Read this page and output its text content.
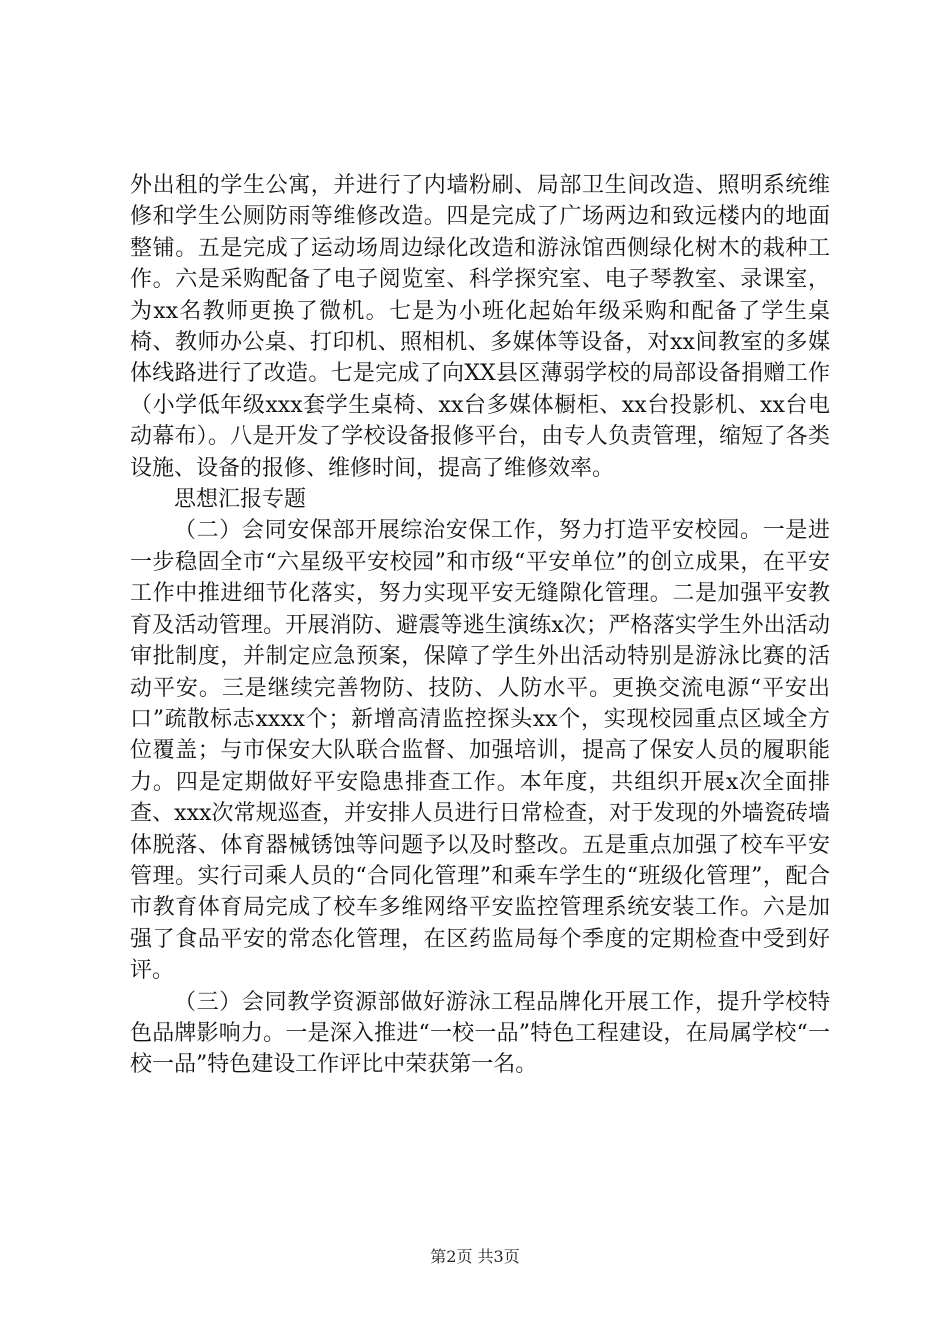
外出租的学生公寓，并进行了内墙粉刷、局部卫生间改造、照明系统维修和学生公厕防雨等维修改造。四是完成了广场两边和致远楼内的地面整铺。五是完成了运动场周边绿化改造和游泳馆西侧绿化树木的栽种工作。六是采购配备了电子阅览室、科学探究室、电子琴教室、录课室，为xx名教师更换了微机。七是为小班化起始年级采购和配备了学生桌椅、教师办公桌、打印机、照相机、多媒体等设备，对xx间教室的多媒体线路进行了改造。七是完成了向XX县区薄弱学校的局部设备捐赠工作（小学低年级xxx套学生桌椅、xx台多媒体橱柜、xx台投影机、xx台电动幕布）。八是开发了学校设备报修平台，由专人负责管理，缩短了各类设施、设备的报修、维修时间，提高了维修效率。

思想汇报专题

（二）会同安保部开展综治安保工作，努力打造平安校园。一是进一步稳固全市“六星级平安校园”和市级“平安单位”的创立成果，在平安工作中推进细节化落实，努力实现平安无缝隙化管理。二是加强平安教育及活动管理。开展消防、避震等逃生演练x次；严格落实学生外出活动审批制度，并制定应急预案，保障了学生外出活动特别是游泳比赛的活动平安。三是继续完善物防、技防、人防水平。更换交流电源“平安出口”疏散标志xxxx个；新增高清监控探头xx个，实现校园重点区域全方位覆盖；与市保安大队联合监督、加强培训，提高了保安人员的履职能力。四是定期做好平安隐患排查工作。本年度，共组织开展x次全面排查、xxx次常规巡查，并安排人员进行日常检查，对于发现的外墙瓷砖墙体脱落、体育器械锈蚀等问题予以及时整改。五是重点加强了校车平安管理。实行司乘人员的“合同化管理”和乘车学生的“班级化管理”，配合市教育体育局完成了校车多维网络平安监控管理系统安装工作。六是加强了食品平安的常态化管理，在区药监局每个季度的定期检查中受到好评。

（三）会同教学资源部做好游泳工程品牌化开展工作，提升学校特色品牌影响力。一是深入推进“一校一品”特色工程建设，在局属学校“一校一品”特色建设工作评比中荣获第一名。

第2页 共3页
